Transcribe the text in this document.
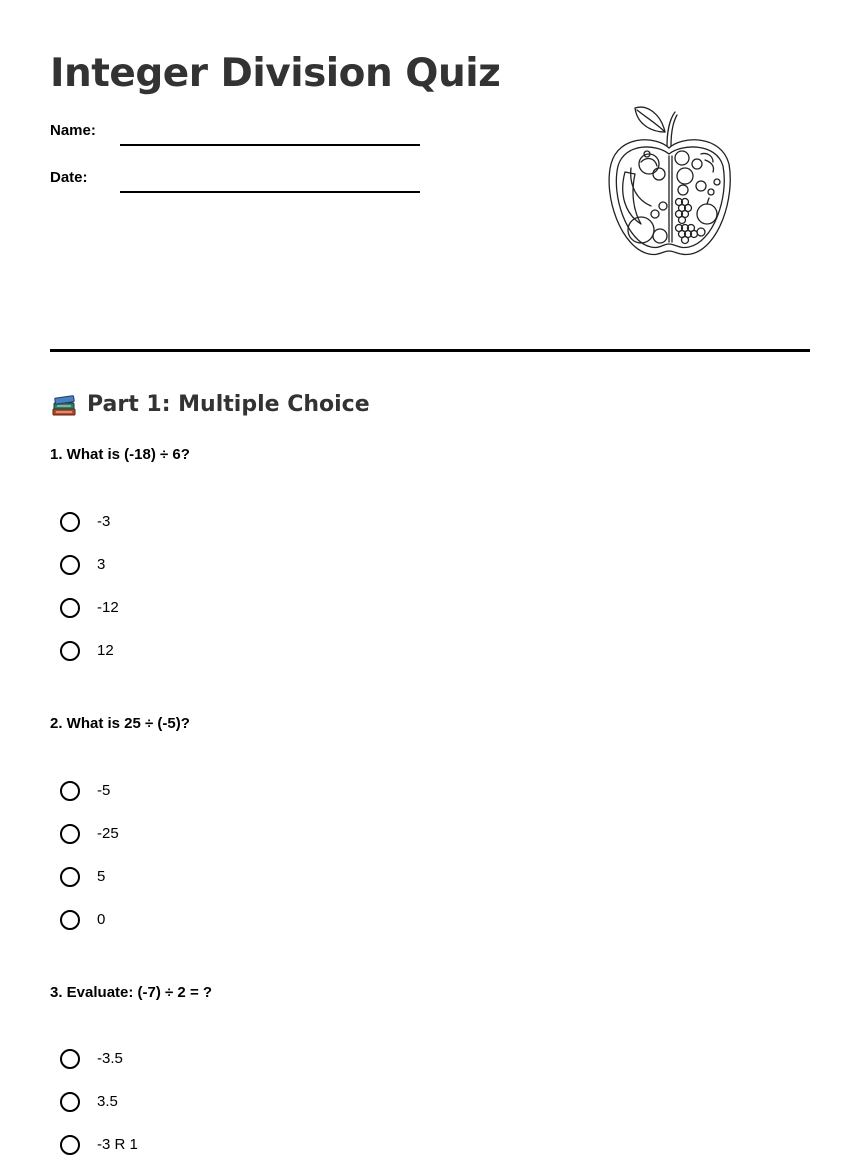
Integer Division Quiz
Name:
Date:
Part 1: Multiple Choice
1. What is (-18) ÷ 6?
-3
3
-12
12
2. What is 25 ÷ (-5)?
-5
-25
5
0
3. Evaluate: (-7) ÷ 2 = ?
-3.5
3.5
-3 R 1
